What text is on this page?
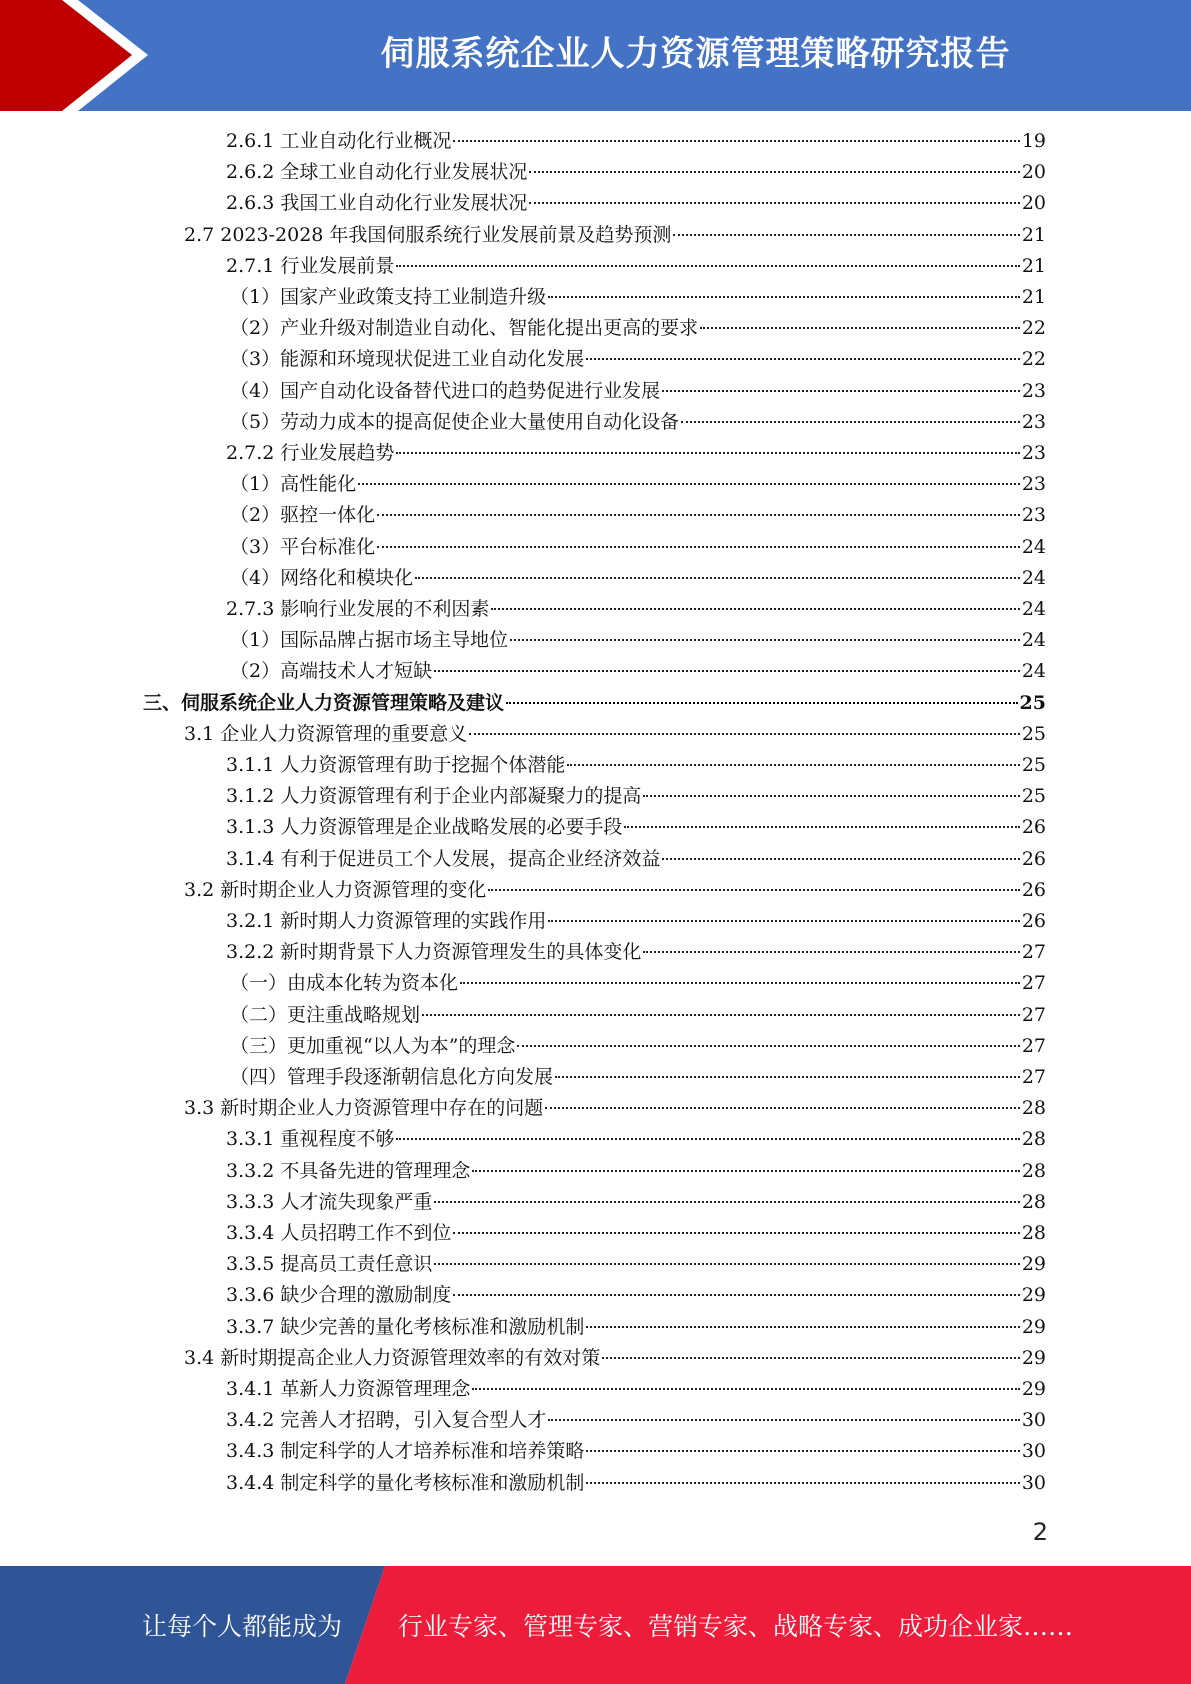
伺服系统企业人力资源管理策略研究报告
2.6.1 工业自动化行业概况	19
2.6.2 全球工业自动化行业发展状况	20
2.6.3 我国工业自动化行业发展状况	20
2.7 2023-2028 年我国伺服系统行业发展前景及趋势预测	21
2.7.1 行业发展前景	21
（1）国家产业政策支持工业制造升级	21
（2）产业升级对制造业自动化、智能化提出更高的要求	22
（3）能源和环境现状促进工业自动化发展	22
（4）国产自动化设备替代进口的趋势促进行业发展	23
（5）劳动力成本的提高促使企业大量使用自动化设备	23
2.7.2 行业发展趋势	23
（1）高性能化	23
（2）驱控一体化	23
（3）平台标准化	24
（4）网络化和模块化	24
2.7.3 影响行业发展的不利因素	24
（1）国际品牌占据市场主导地位	24
（2）高端技术人才短缺	24
三、伺服系统企业人力资源管理策略及建议	25
3.1 企业人力资源管理的重要意义	25
3.1.1 人力资源管理有助于挖掘个体潜能	25
3.1.2 人力资源管理有利于企业内部凝聚力的提高	25
3.1.3 人力资源管理是企业战略发展的必要手段	26
3.1.4 有利于促进员工个人发展，提高企业经济效益	26
3.2 新时期企业人力资源管理的变化	26
3.2.1 新时期人力资源管理的实践作用	26
3.2.2 新时期背景下人力资源管理发生的具体变化	27
（一）由成本化转为资本化	27
（二）更注重战略规划	27
（三）更加重视“以人为本”的理念	27
（四）管理手段逐渐朝信息化方向发展	27
3.3 新时期企业人力资源管理中存在的问题	28
3.3.1 重视程度不够	28
3.3.2 不具备先进的管理理念	28
3.3.3 人才流失现象严重	28
3.3.4 人员招聘工作不到位	28
3.3.5 提高员工责任意识	29
3.3.6 缺少合理的激励制度	29
3.3.7 缺少完善的量化考核标准和激励机制	29
3.4 新时期提高企业人力资源管理效率的有效对策	29
3.4.1 革新人力资源管理理念	29
3.4.2 完善人才招聘，引入复合型人才	30
3.4.3 制定科学的人才培养标准和培养策略	30
3.4.4 制定科学的量化考核标准和激励机制	30
2
让每个人都能成为 行业专家、管理专家、营销专家、战略专家、成功企业家……
